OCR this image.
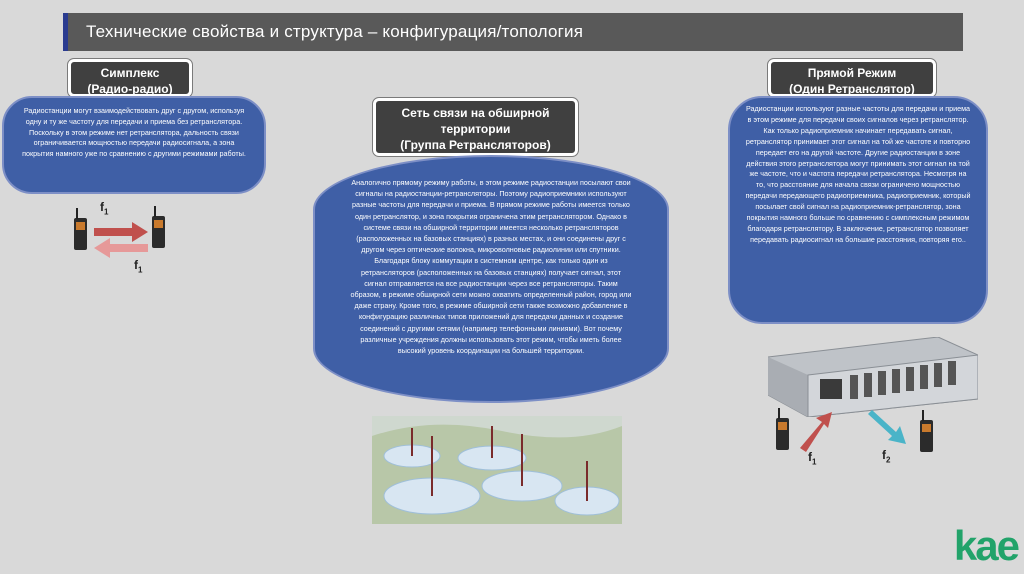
Технические свойства и структура – конфигурация/топология
Симплекс
(Радио-радио)
Радиостанции могут взаимодействовать друг с другом, используя одну и ту же частоту для передачи и приема без ретранслятора. Поскольку в этом режиме нет ретранслятора, дальность связи ограничивается мощностью передачи радиосигнала, а зона покрытия намного уже по сравнению с другими режимами работы.
$f_1$
$f_1$
Сеть связи на обширной
территории
(Группа Ретрансляторов)
Аналогично прямому режиму работы, в этом режиме радиостанции посылают свои сигналы на радиостанции-ретрансляторы. Поэтому радиоприемники используют разные частоты для передачи и приема. В прямом режиме работы имеется только один ретранслятор, и зона покрытия ограничена этим ретранслятором. Однако в системе связи на обширной территории имеется несколько ретрансляторов (расположенных на базовых станциях) в разных местах, и они соединены друг с другом через оптические волокна, микроволновые радиолинии или спутники. Благодаря блоку коммутации в системном центре, как только один из ретрансляторов (расположенных на базовых станциях) получает сигнал, этот сигнал отправляется на все радиостанции через все ретрансляторы. Таким образом, в режиме обширной сети можно охватить определенный район, город или даже страну. Кроме того, в режиме обширной сети также возможно добавление в конфигурацию различных типов приложений для передачи данных и создание соединений с другими сетями (например телефонными линиями). Вот почему различные учреждения должны использовать этот режим, чтобы иметь более высокий уровень координации на большей территории.
Прямой Режим
(Один Ретранслятор)
Радиостанции используют разные частоты для передачи и приема в этом режиме для передачи своих сигналов через ретранслятор. Как только радиоприемник начинает передавать сигнал, ретранслятор принимает этот сигнал на той же частоте и повторно передает его на другой частоте. Другие радиостанции в зоне действия этого ретранслятора могут принимать этот сигнал на той же частоте, что и частота передачи ретранслятора. Несмотря на то, что расстояние для начала связи ограничено мощностью передачи передающего радиоприемника, радиоприемник, который посылает свой сигнал на радиоприемник-ретранслятор, зона покрытия намного больше по сравнению с симплексным режимом благодаря ретранслятору. В заключение, ретранслятор позволяет передавать радиосигнал на большие расстояния, повторяя его..
$f_1$	$f_2$
kae
